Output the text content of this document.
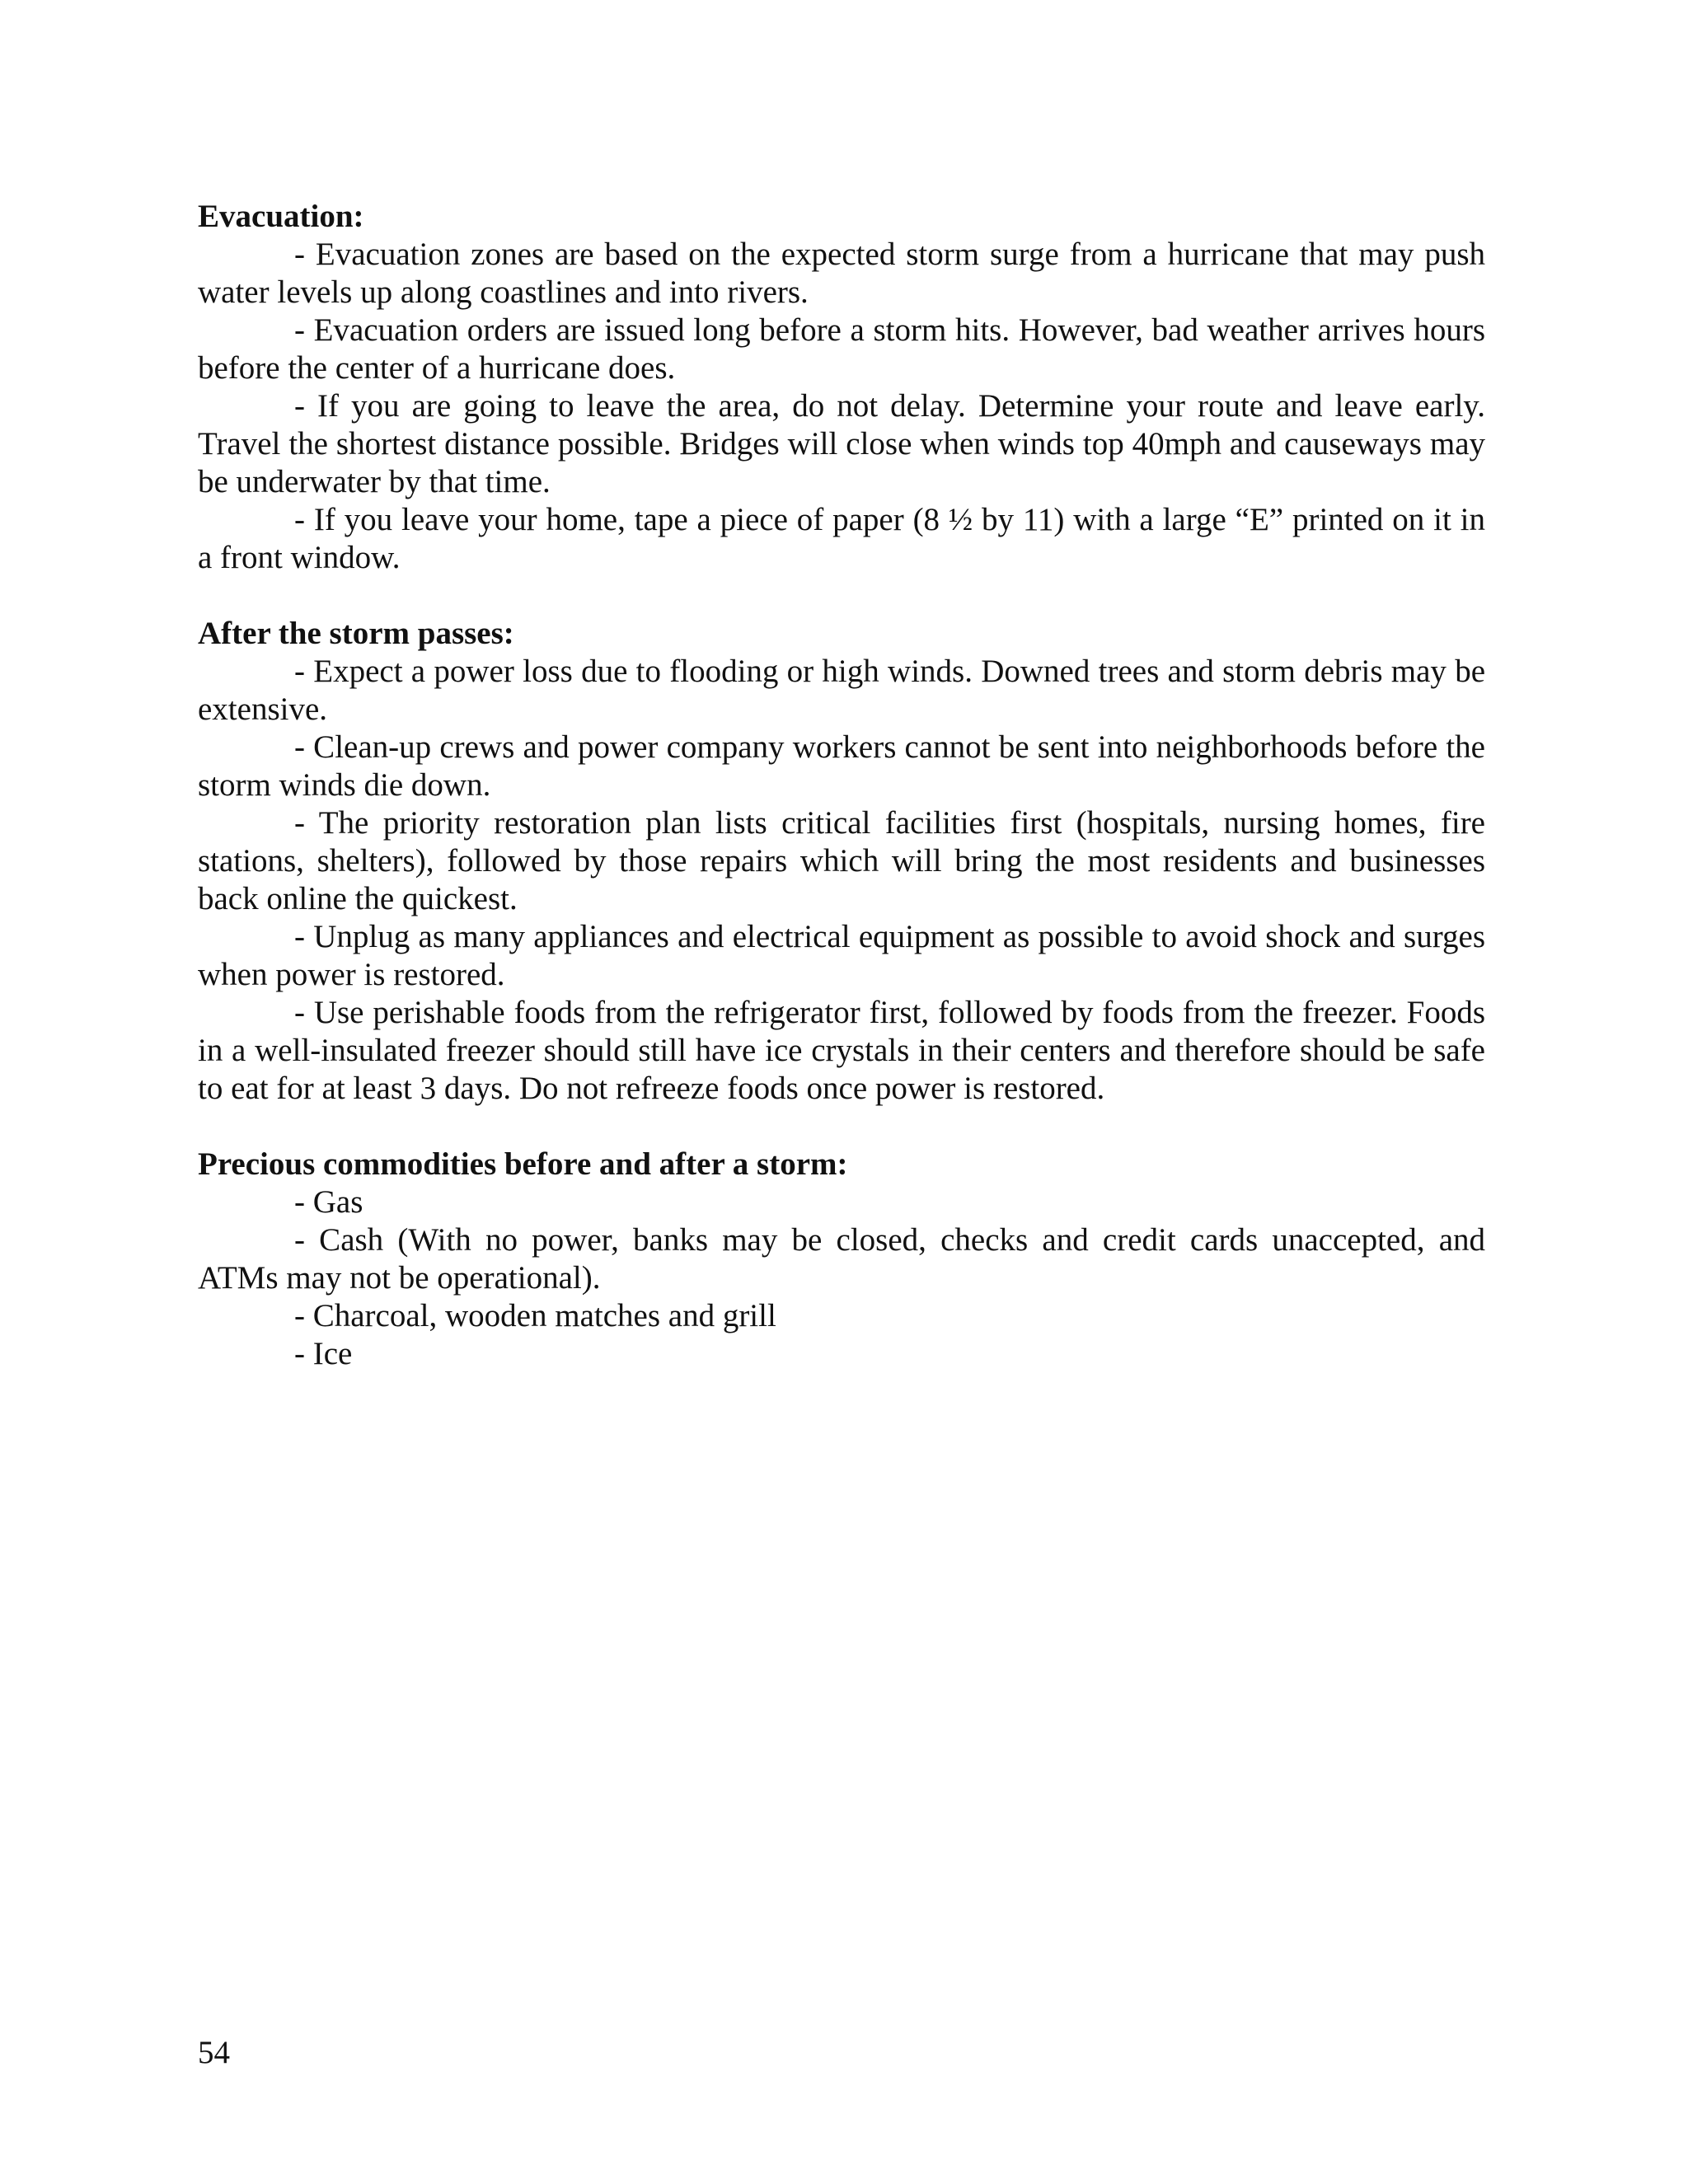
Evacuation:

- Evacuation zones are based on the expected storm surge from a hurricane that may push water levels up along coastlines and into rivers.

- Evacuation orders are issued long before a storm hits. However, bad weather arrives hours before the center of a hurricane does.

- If you are going to leave the area, do not delay. Determine your route and leave early. Travel the shortest distance possible. Bridges will close when winds top 40mph and causeways may be underwater by that time.

- If you leave your home, tape a piece of paper (8 ½ by 11) with a large “E” printed on it in a front window.

After the storm passes:

- Expect a power loss due to flooding or high winds. Downed trees and storm debris may be extensive.

- Clean-up crews and power company workers cannot be sent into neighborhoods before the storm winds die down.

- The priority restoration plan lists critical facilities first (hospitals, nursing homes, fire stations, shelters), followed by those repairs which will bring the most residents and businesses back online the quickest.

- Unplug as many appliances and electrical equipment as possible to avoid shock and surges when power is restored.

- Use perishable foods from the refrigerator first, followed by foods from the freezer. Foods in a well-insulated freezer should still have ice crystals in their centers and therefore should be safe to eat for at least 3 days. Do not refreeze foods once power is restored.

Precious commodities before and after a storm:

- Gas

- Cash (With no power, banks may be closed, checks and credit cards unaccepted, and ATMs may not be operational).

- Charcoal, wooden matches and grill

- Ice

54
